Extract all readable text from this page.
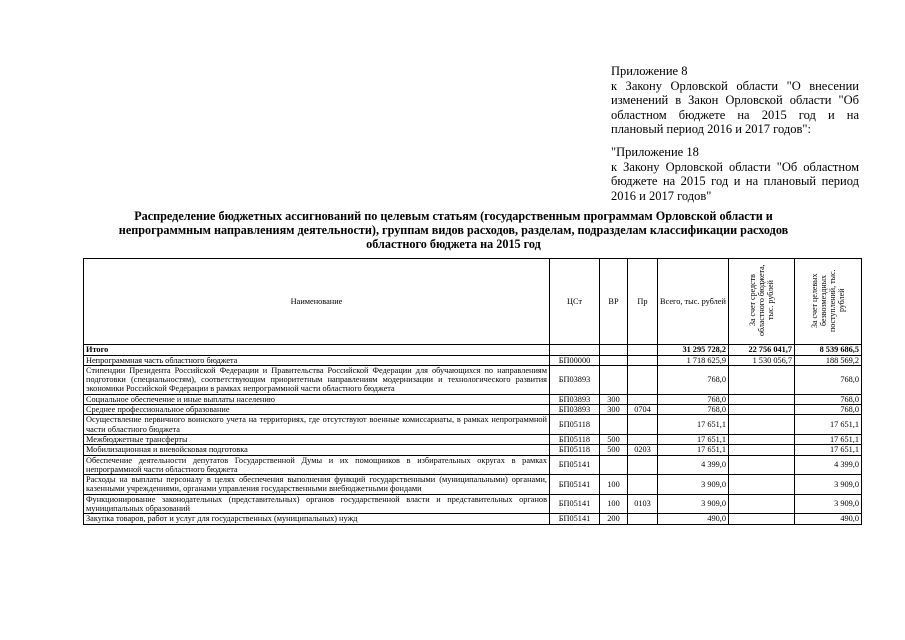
Приложение 8

к Закону Орловской области "О внесении изменений в Закон Орловской области "Об областном бюджете на 2015 год и на плановый период 2016 и 2017 годов":

"Приложение 18

к Закону Орловской области "Об областном бюджете на 2015 год и на плановый период 2016 и 2017 годов"

Распределение бюджетных ассигнований по целевым статьям (государственным программам Орловской области и непрограммным направлениям деятельности), группам видов расходов, разделам, подразделам классификации расходов областного бюджета на 2015 год
Наименование	ЦСт	ВР	Пр	Всего, тыс. рублей	За счет средств областного бюджета, тыс. рублей	За счет целевых безвозмездных поступлений, тыс. рублей
Итого				31 295 728,2	22 756 041,7	8 539 686,5
Непрограммная часть областного бюджета	БП00000			1 718 625,9	1 530 056,7	188 569,2
Стипендии Президента Российской Федерации и Правительства Российской Федерации для обучающихся по направлениям подготовки (специальностям), соответствующим приоритетным направлениям модернизации и технологического развития экономики Российской Федерации в рамках непрограммной части областного бюджета	БП03893			768,0		768,0
Социальное обеспечение и иные выплаты населению	БП03893	300		768,0		768,0
Среднее профессиональное образование	БП03893	300	0704	768,0		768,0
Осуществление первичного воинского учета на территориях, где отсутствуют военные комиссариаты, в рамках непрограммной части областного бюджета	БП05118			17 651,1		17 651,1
Межбюджетные трансферты	БП05118	500		17 651,1		17 651,1
Мобилизационная и вневойсковая подготовка	БП05118	500	0203	17 651,1		17 651,1
Обеспечение деятельности депутатов Государственной Думы и их помощников в избирательных округах в рамках непрограммной части областного бюджета	БП05141			4 399,0		4 399,0
Расходы на выплаты персоналу в целях обеспечения выполнения функций государственными (муниципальными) органами, казенными учреждениями, органами управления государственными внебюджетными фондами	БП05141	100		3 909,0		3 909,0
Функционирование законодательных (представительных) органов государственной власти и представительных органов муниципальных образований	БП05141	100	0103	3 909,0		3 909,0
Закупка товаров, работ и услуг для государственных (муниципальных) нужд	БП05141	200		490,0		490,0
